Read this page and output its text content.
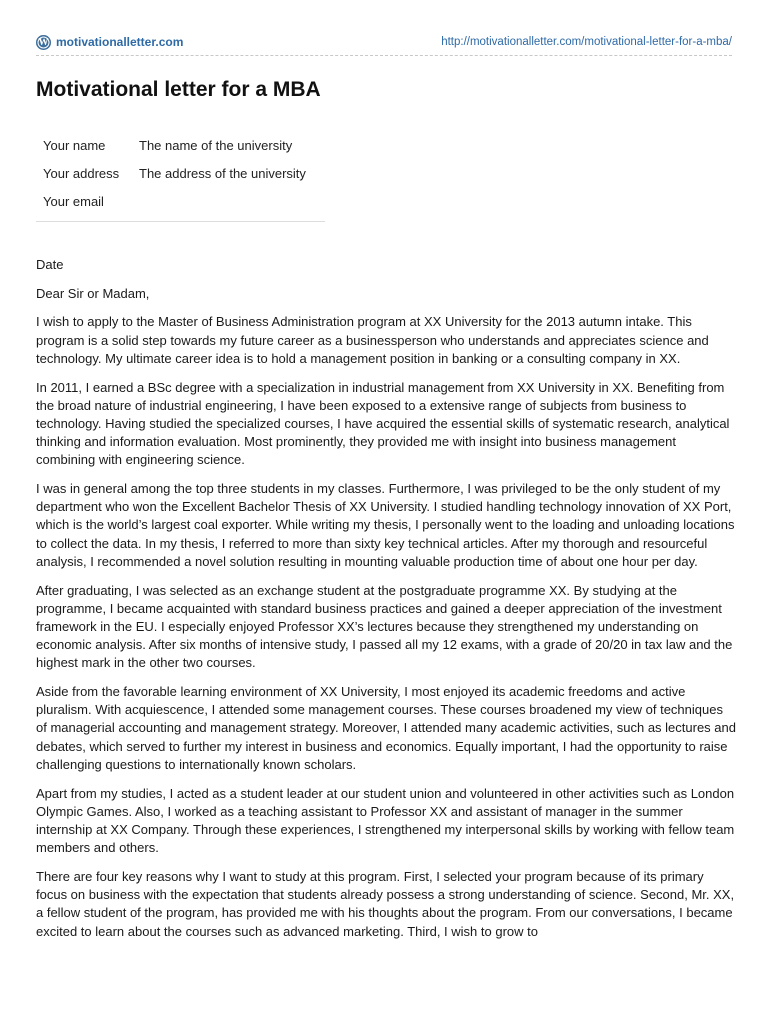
W motivationalletter.com	http://motivationalletter.com/motivational-letter-for-a-mba/
Motivational letter for a MBA
Your name	The name of the university
Your address	The address of the university
Your email

Date

Dear Sir or Madam,

I wish to apply to the Master of Business Administration program at XX University for the 2013 autumn intake. This program is a solid step towards my future career as a businessperson who understands and appreciates science and technology. My ultimate career idea is to hold a management position in banking or a consulting company in XX.

In 2011, I earned a BSc degree with a specialization in industrial management from XX University in XX. Benefiting from the broad nature of industrial engineering, I have been exposed to a extensive range of subjects from business to technology. Having studied the specialized courses, I have acquired the essential skills of systematic research, analytical thinking and information evaluation. Most prominently, they provided me with insight into business management combining with engineering science.

I was in general among the top three students in my classes. Furthermore, I was privileged to be the only student of my department who won the Excellent Bachelor Thesis of XX University. I studied handling technology innovation of XX Port, which is the world’s largest coal exporter. While writing my thesis, I personally went to the loading and unloading locations to collect the data. In my thesis, I referred to more than sixty key technical articles. After my thorough and resourceful analysis, I recommended a novel solution resulting in mounting valuable production time of about one hour per day.

After graduating, I was selected as an exchange student at the postgraduate programme XX. By studying at the programme, I became acquainted with standard business practices and gained a deeper appreciation of the investment framework in the EU. I especially enjoyed Professor XX’s lectures because they strengthened my understanding on economic analysis. After six months of intensive study, I passed all my 12 exams, with a grade of 20/20 in tax law and the highest mark in the other two courses.

Aside from the favorable learning environment of XX University, I most enjoyed its academic freedoms and active pluralism. With acquiescence, I attended some management courses. These courses broadened my view of techniques of managerial accounting and management strategy. Moreover, I attended many academic activities, such as lectures and debates, which served to further my interest in business and economics. Equally important, I had the opportunity to raise challenging questions to internationally known scholars.

Apart from my studies, I acted as a student leader at our student union and volunteered in other activities such as London Olympic Games. Also, I worked as a teaching assistant to Professor XX and assistant of manager in the summer internship at XX Company. Through these experiences, I strengthened my interpersonal skills by working with fellow team members and others.

There are four key reasons why I want to study at this program. First, I selected your program because of its primary focus on business with the expectation that students already possess a strong understanding of science. Second, Mr. XX, a fellow student of the program, has provided me with his thoughts about the program. From our conversations, I became excited to learn about the courses such as advanced marketing. Third, I wish to grow to
